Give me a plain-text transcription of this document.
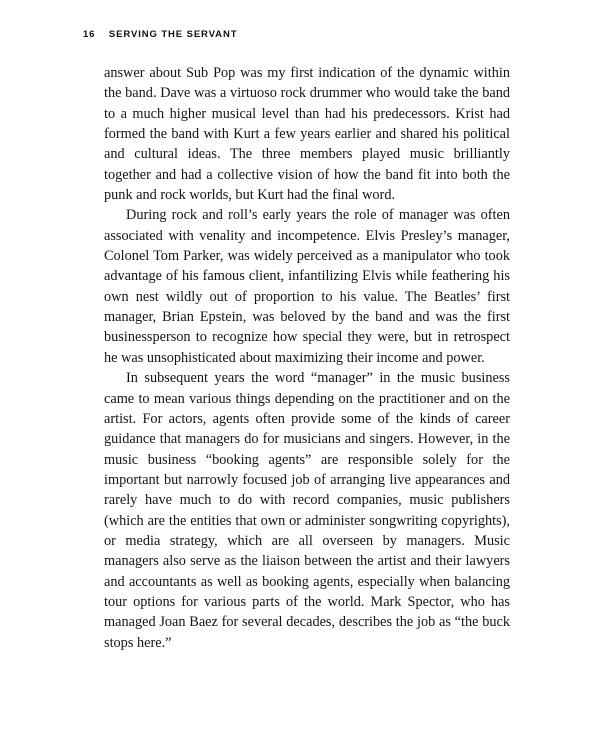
16 SERVING THE SERVANT

answer about Sub Pop was my first indication of the dynamic within the band. Dave was a virtuoso rock drummer who would take the band to a much higher musical level than had his predecessors. Krist had formed the band with Kurt a few years earlier and shared his political and cultural ideas. The three members played music brilliantly together and had a collective vision of how the band fit into both the punk and rock worlds, but Kurt had the final word.

During rock and roll’s early years the role of manager was often associated with venality and incompetence. Elvis Presley’s manager, Colonel Tom Parker, was widely perceived as a manipulator who took advantage of his famous client, infantilizing Elvis while feathering his own nest wildly out of proportion to his value. The Beatles’ first manager, Brian Epstein, was beloved by the band and was the first businessperson to recognize how special they were, but in retrospect he was unsophisticated about maximizing their income and power.

In subsequent years the word “manager” in the music business came to mean various things depending on the practitioner and on the artist. For actors, agents often provide some of the kinds of career guidance that managers do for musicians and singers. However, in the music business “booking agents” are responsible solely for the important but narrowly focused job of arranging live appearances and rarely have much to do with record companies, music publishers (which are the entities that own or administer songwriting copyrights), or media strategy, which are all overseen by managers. Music managers also serve as the liaison between the artist and their lawyers and accountants as well as booking agents, especially when balancing tour options for various parts of the world. Mark Spector, who has managed Joan Baez for several decades, describes the job as “the buck stops here.”
